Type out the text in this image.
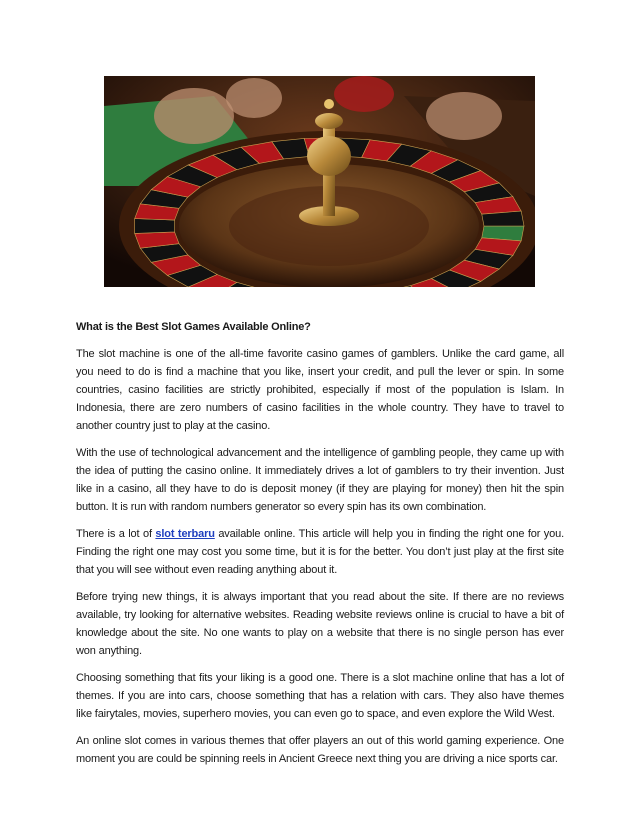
What is the Best Slot Games Available Online?

The slot machine is one of the all-time favorite casino games of gamblers. Unlike the card game, all you need to do is find a machine that you like, insert your credit, and pull the lever or spin. In some countries, casino facilities are strictly prohibited, especially if most of the population is Islam. In Indonesia, there are zero numbers of casino facilities in the whole country. They have to travel to another country just to play at the casino.

With the use of technological advancement and the intelligence of gambling people, they came up with the idea of putting the casino online. It immediately drives a lot of gamblers to try their invention. Just like in a casino, all they have to do is deposit money (if they are playing for money) then hit the spin button. It is run with random numbers generator so every spin has its own combination.

There is a lot of slot terbaru available online. This article will help you in finding the right one for you. Finding the right one may cost you some time, but it is for the better. You don’t just play at the first site that you will see without even reading anything about it.

Before trying new things, it is always important that you read about the site. If there are no reviews available, try looking for alternative websites. Reading website reviews online is crucial to have a bit of knowledge about the site. No one wants to play on a website that there is no single person has ever won anything.

Choosing something that fits your liking is a good one. There is a slot machine online that has a lot of themes. If you are into cars, choose something that has a relation with cars. They also have themes like fairytales, movies, superhero movies, you can even go to space, and even explore the Wild West.

An online slot comes in various themes that offer players an out of this world gaming experience. One moment you are could be spinning reels in Ancient Greece next thing you are driving a nice sports car.
